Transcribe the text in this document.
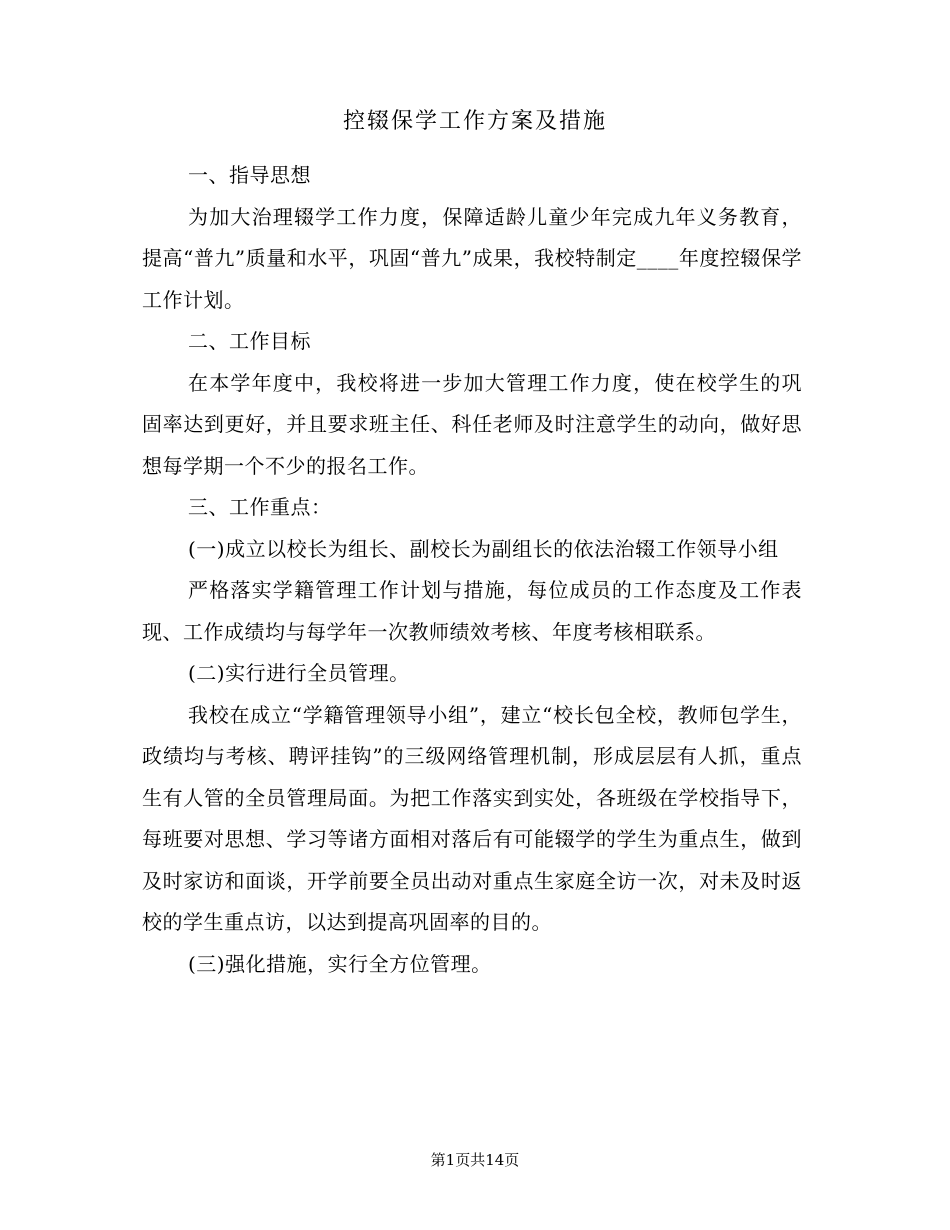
控辍保学工作方案及措施

一、指导思想

为加大治理辍学工作力度，保障适龄儿童少年完成九年义务教育，提高“普九”质量和水平，巩固“普九”成果，我校特制定____年度控辍保学工作计划。

二、工作目标

在本学年度中，我校将进一步加大管理工作力度，使在校学生的巩固率达到更好，并且要求班主任、科任老师及时注意学生的动向，做好思想每学期一个不少的报名工作。

三、工作重点：

(一)成立以校长为组长、副校长为副组长的依法治辍工作领导小组

严格落实学籍管理工作计划与措施，每位成员的工作态度及工作表现、工作成绩均与每学年一次教师绩效考核、年度考核相联系。

(二)实行进行全员管理。

我校在成立“学籍管理领导小组”，建立“校长包全校，教师包学生，政绩均与考核、聘评挂钩”的三级网络管理机制，形成层层有人抓，重点生有人管的全员管理局面。为把工作落实到实处，各班级在学校指导下，每班要对思想、学习等诸方面相对落后有可能辍学的学生为重点生，做到及时家访和面谈，开学前要全员出动对重点生家庭全访一次，对未及时返校的学生重点访，以达到提高巩固率的目的。

(三)强化措施，实行全方位管理。

第1页共14页
